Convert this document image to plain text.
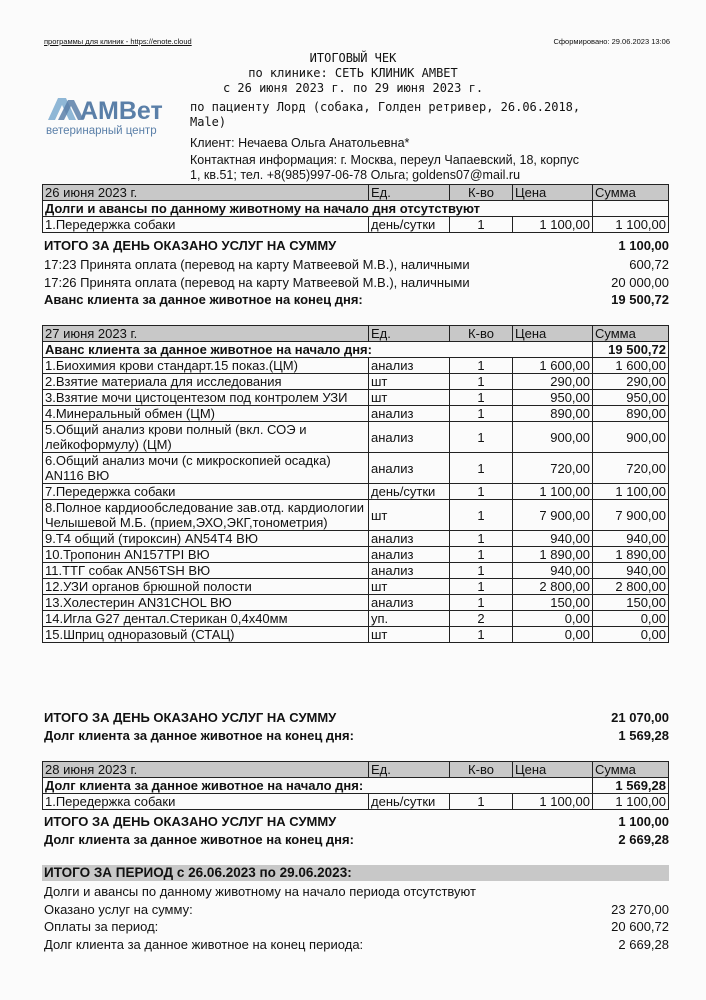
программы для клиник - https://enote.cloud	Сформировано: 29.06.2023 13:06
ИТОГОВЫЙ ЧЕК
по клинике: СЕТЬ КЛИНИК АМВЕТ
с 26 июня 2023 г. по 29 июня 2023 г.
по пациенту Лорд (собака, Голден ретривер, 26.06.2018,
Male)
АМВет
ветеринарный центр
Клиент: Нечаева Ольга Анатольевна*
Контактная информация: г. Москва, переул Чапаевский, 18, корпус
1, кв.51; тел. +8(985)997-06-78 Ольга; goldens07@mail.ru
26 июня 2023 г.	Ед.	К-во	Цена	Сумма
Долги и авансы по данному животному на начало дня отсутствуют				
1.Передержка собаки	день/сутки	1	1 100,00	1 100,00
ИТОГО ЗА ДЕНЬ ОКАЗАНО УСЛУГ НА СУММУ	1 100,00
17:23 Принята оплата (перевод на карту Матвеевой М.В.), наличными	600,72
17:26 Принята оплата (перевод на карту Матвеевой М.В.), наличными	20 000,00
Аванс клиента за данное животное на конец дня:	19 500,72
27 июня 2023 г.	Ед.	К-во	Цена	Сумма
Аванс клиента за данное животное на начало дня:				19 500,72
1.Биохимия крови стандарт.15 показ.(ЦМ)	анализ	1	1 600,00	1 600,00
2.Взятие материала для исследования	шт	1	290,00	290,00
3.Взятие мочи цистоцентезом под контролем УЗИ	шт	1	950,00	950,00
4.Минеральный обмен (ЦМ)	анализ	1	890,00	890,00
5.Общий анализ крови полный (вкл. СОЭ и лейкоформулу) (ЦМ)	анализ	1	900,00	900,00
6.Общий анализ мочи (с микроскопией осадка) AN116 ВЮ	анализ	1	720,00	720,00
7.Передержка собаки	день/сутки	1	1 100,00	1 100,00
8.Полное кардиообследование зав.отд. кардиологии Челышевой М.Б. (прием,ЭХО,ЭКГ,тонометрия)	шт	1	7 900,00	7 900,00
9.Т4 общий (тироксин) AN54T4 ВЮ	анализ	1	940,00	940,00
10.Тропонин AN157TPI ВЮ	анализ	1	1 890,00	1 890,00
11.ТТГ собак AN56TSH ВЮ	анализ	1	940,00	940,00
12.УЗИ органов брюшной полости	шт	1	2 800,00	2 800,00
13.Холестерин AN31CHOL ВЮ	анализ	1	150,00	150,00
14.Игла G27 дентал.Стерикан 0,4х40мм	уп.	2	0,00	0,00
15.Шприц одноразовый (СТАЦ)	шт	1	0,00	0,00
ИТОГО ЗА ДЕНЬ ОКАЗАНО УСЛУГ НА СУММУ	21 070,00
Долг клиента за данное животное на конец дня:	1 569,28
28 июня 2023 г.	Ед.	К-во	Цена	Сумма
Долг клиента за данное животное на начало дня:				1 569,28
1.Передержка собаки	день/сутки	1	1 100,00	1 100,00
ИТОГО ЗА ДЕНЬ ОКАЗАНО УСЛУГ НА СУММУ	1 100,00
Долг клиента за данное животное на конец дня:	2 669,28
ИТОГО ЗА ПЕРИОД с 26.06.2023 по 29.06.2023:
Долги и авансы по данному животному на начало периода отсутствуют
Оказано услуг на сумму:	23 270,00
Оплаты за период:	20 600,72
Долг клиента за данное животное на конец периода:	2 669,28
